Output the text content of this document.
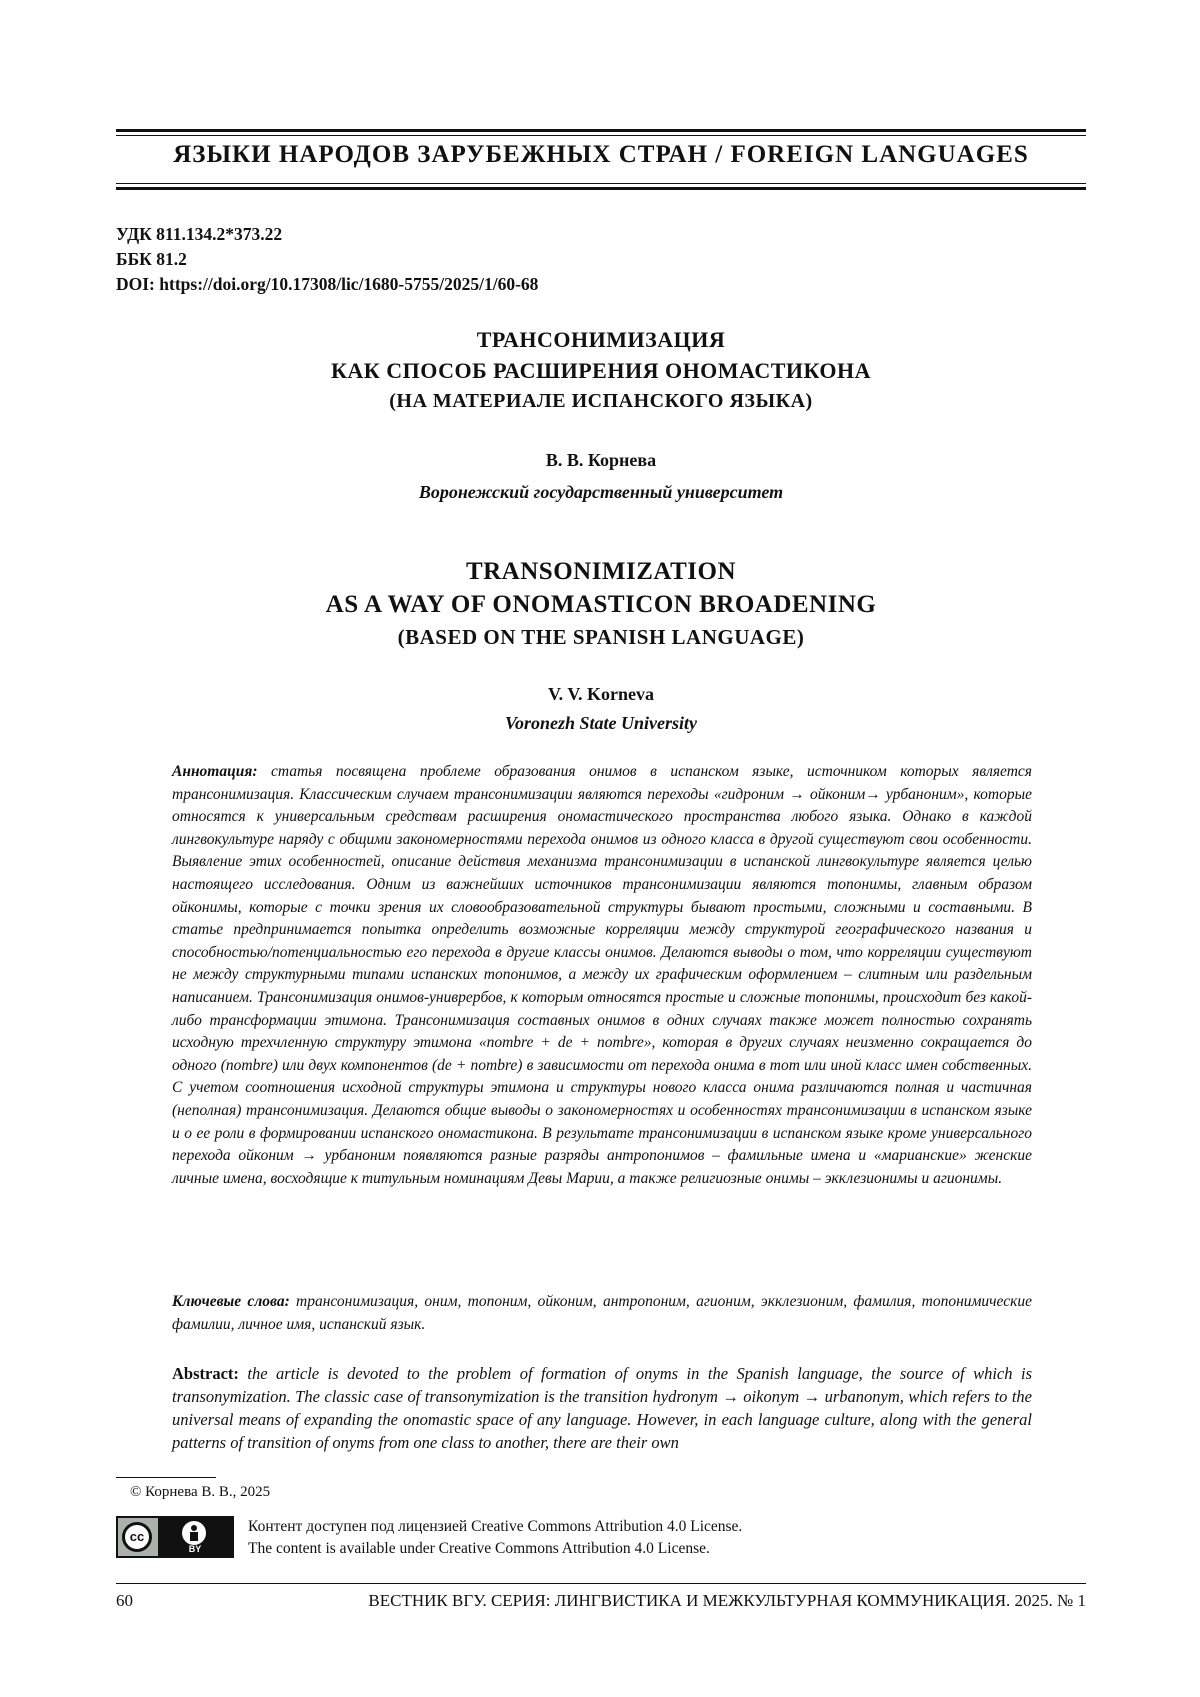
ЯЗЫКИ НАРОДОВ ЗАРУБЕЖНЫХ СТРАН / FOREIGN LANGUAGES
УДК 811.134.2*373.22
ББК 81.2
DOI: https://doi.org/10.17308/lic/1680-5755/2025/1/60-68
ТРАНСОНИМИЗАЦИЯ
КАК СПОСОБ РАСШИРЕНИЯ ОНОМАСТИКОНА
(НА МАТЕРИАЛЕ ИСПАНСКОГО ЯЗЫКА)
В. В. Корнева
Воронежский государственный университет
TRANSONIMIZATION
AS A WAY OF ONOMASTICON BROADENING
(BASED ON THE SPANISH LANGUAGE)
V. V. Korneva
Voronezh State University
Аннотация: статья посвящена проблеме образования онимов в испанском языке, источником которых является трансонимизация. Классическим случаем трансонимизации являются переходы «гидроним → ойконим→ урбаноним», которые относятся к универсальным средствам расширения ономастического пространства любого языка. Однако в каждой лингвокультуре наряду с общими закономерностями перехода онимов из одного класса в другой существуют свои особенности. Выявление этих особенностей, описание действия механизма трансонимизации в испанской лингвокультуре является целью настоящего исследования. Одним из важнейших источников трансонимизации являются топонимы, главным образом ойконимы, которые с точки зрения их словообразовательной структуры бывают простыми, сложными и составными. В статье предпринимается попытка определить возможные корреляции между структурой географического названия и способностью/потенциальностью его перехода в другие классы онимов. Делаются выводы о том, что корреляции существуют не между структурными типами испанских топонимов, а между их графическим оформлением – слитным или раздельным написанием. Трансонимизация онимов-униврербов, к которым относятся простые и сложные топонимы, происходит без какой-либо трансформации этимона. Трансонимизация составных онимов в одних случаях также может полностью сохранять исходную трехчленную структуру этимона «nombre + de + nombre», которая в других случаях неизменно сокращается до одного (nombre) или двух компонентов (de + nombre) в зависимости от перехода онима в тот или иной класс имен собственных. С учетом соотношения исходной структуры этимона и структуры нового класса онима различаются полная и частичная (неполная) трансонимизация. Делаются общие выводы о закономерностях и особенностях трансонимизации в испанском языке и о ее роли в формировании испанского ономастикона. В результате трансонимизации в испанском языке кроме универсального перехода ойконим → урбаноним появляются разные разряды антропонимов – фамильные имена и «марианские» женские личные имена, восходящие к титульным номинациям Девы Марии, а также религиозные онимы – экклезионимы и агионимы.
Ключевые слова: трансонимизация, оним, топоним, ойконим, антропоним, агионим, экклезионим, фамилия, топонимические фамилии, личное имя, испанский язык.
Abstract: the article is devoted to the problem of formation of onyms in the Spanish language, the source of which is transonymization. The classic case of transonymization is the transition hydronym → oikonym → urbanonym, which refers to the universal means of expanding the onomastic space of any language. However, in each language culture, along with the general patterns of transition of onyms from one class to another, there are their own
© Корнева В. В., 2025
cc
BY
Контент доступен под лицензией Creative Commons Attribution 4.0 License.
The content is available under Creative Commons Attribution 4.0 License.
60	ВЕСТНИК ВГУ. СЕРИЯ: ЛИНГВИСТИКА И МЕЖКУЛЬТУРНАЯ КОММУНИКАЦИЯ. 2025. № 1
